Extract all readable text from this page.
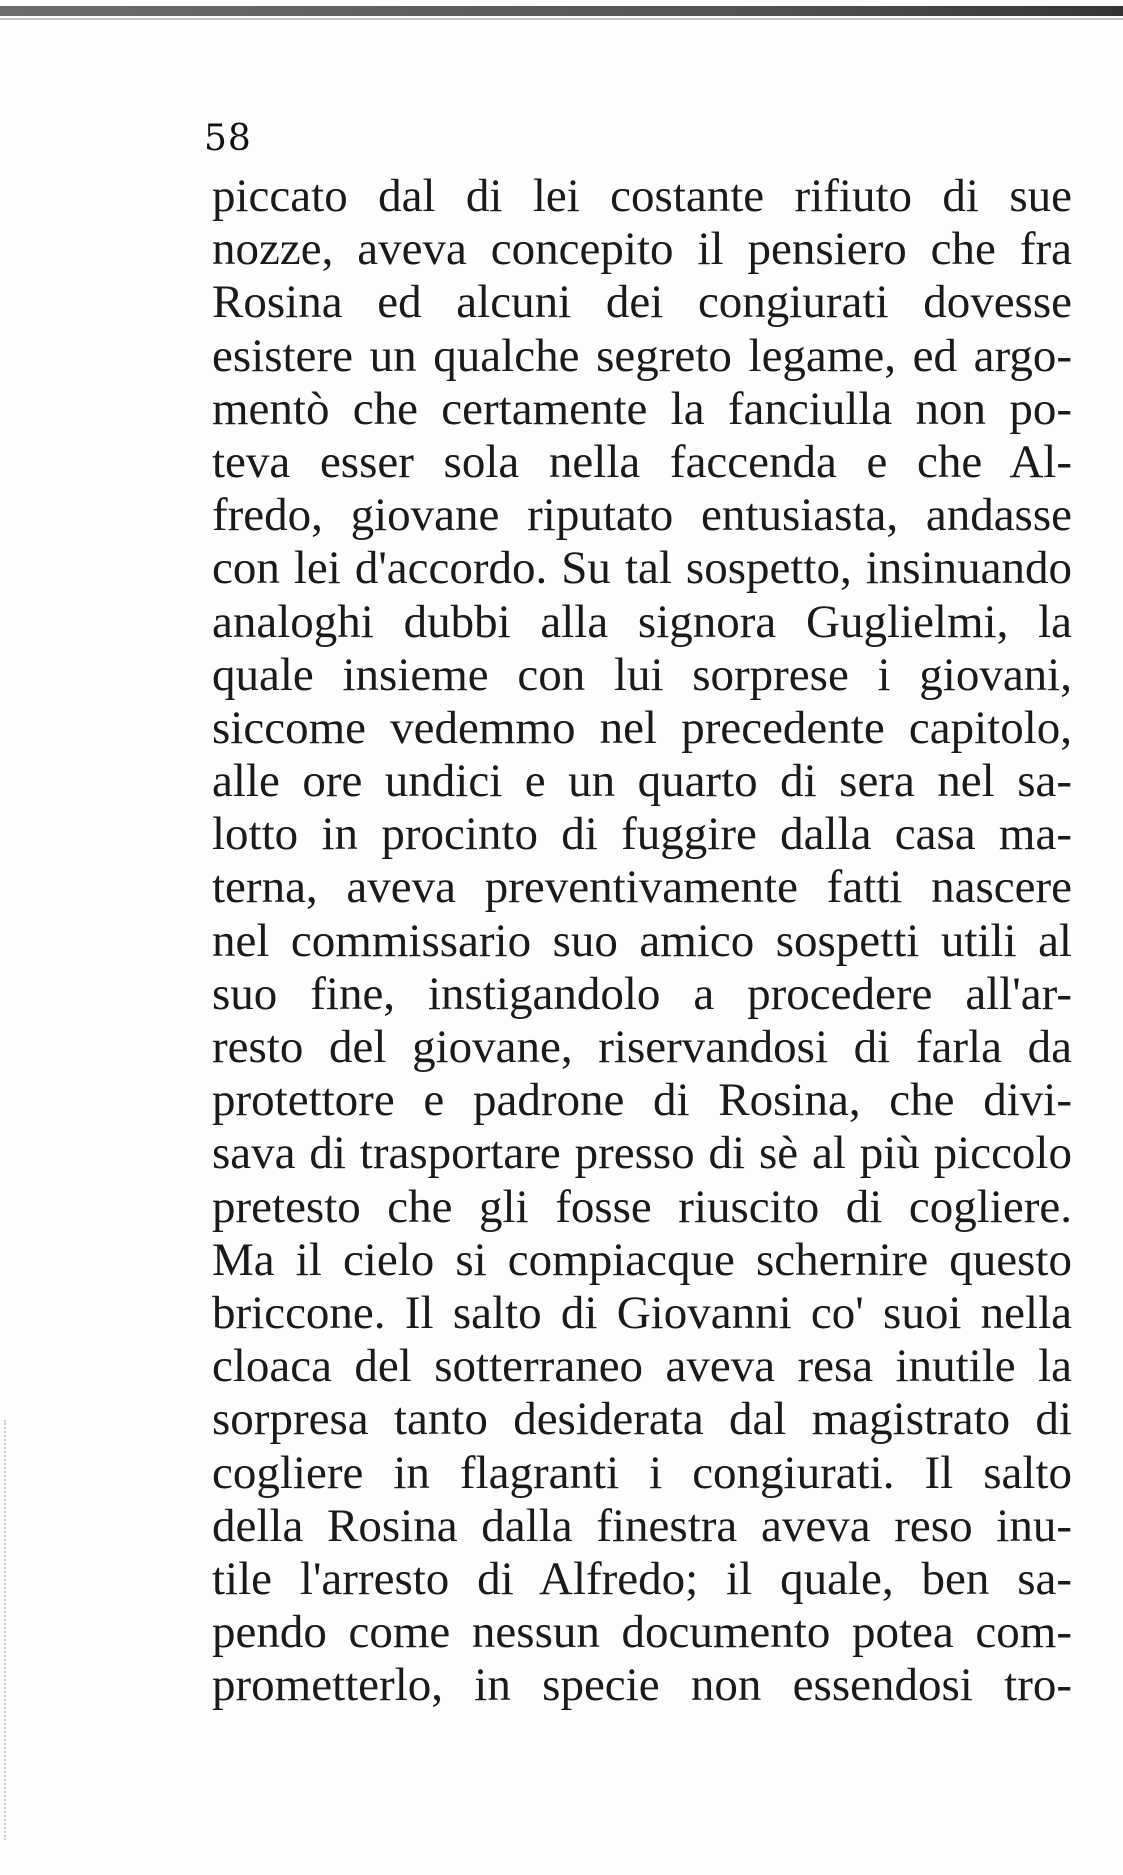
58
piccato dal di lei costante rifiuto di sue
nozze, aveva concepito il pensiero che fra
Rosina ed alcuni dei congiurati dovesse
esistere un qualche segreto legame, ed argo-
mentò che certamente la fanciulla non po-
teva esser sola nella faccenda e che Al-
fredo, giovane riputato entusiasta, andasse
con lei d'accordo. Su tal sospetto, insinuando
analoghi dubbi alla signora Guglielmi, la
quale insieme con lui sorprese i giovani,
siccome vedemmo nel precedente capitolo,
alle ore undici e un quarto di sera nel sa-
lotto in procinto di fuggire dalla casa ma-
terna, aveva preventivamente fatti nascere
nel commissario suo amico sospetti utili al
suo fine, instigandolo a procedere all'ar-
resto del giovane, riservandosi di farla da
protettore e padrone di Rosina, che divi-
sava di trasportare presso di sè al più piccolo
pretesto che gli fosse riuscito di cogliere.
Ma il cielo si compiacque schernire questo
briccone. Il salto di Giovanni co' suoi nella
cloaca del sotterraneo aveva resa inutile la
sorpresa tanto desiderata dal magistrato di
cogliere in flagranti i congiurati. Il salto
della Rosina dalla finestra aveva reso inu-
tile l'arresto di Alfredo; il quale, ben sa-
pendo come nessun documento potea com-
prometterlo, in specie non essendosi tro-
